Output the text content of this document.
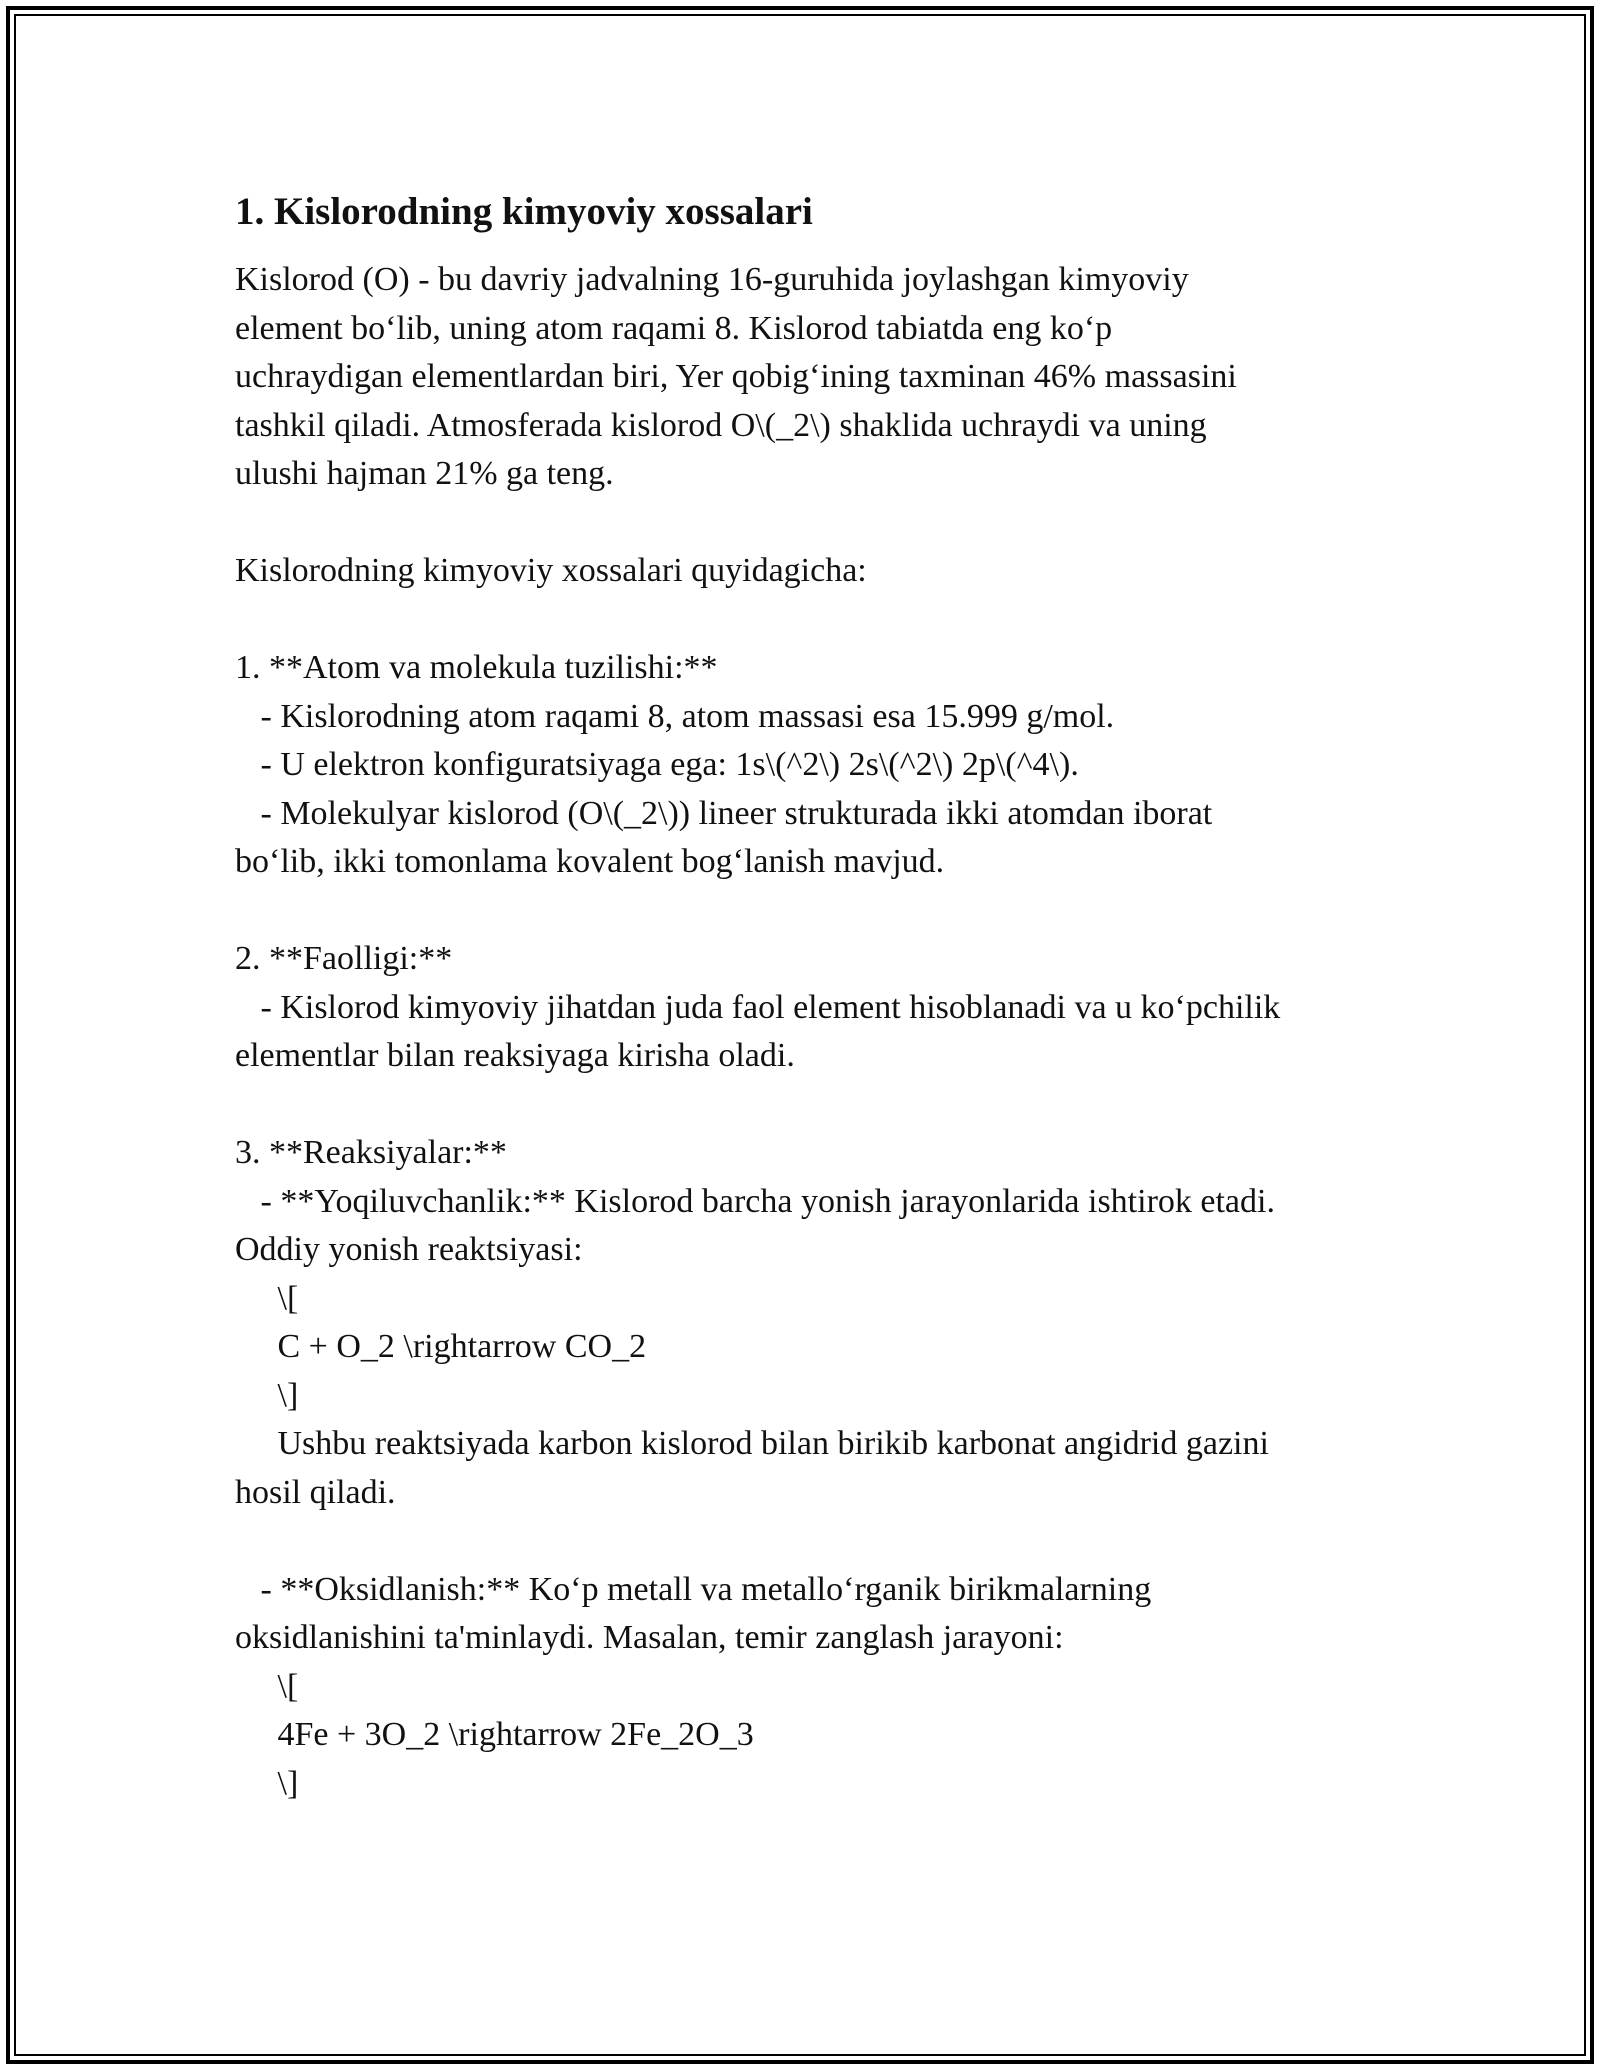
1. Kislorodning kimyoviy xossalari

Kislorod (O) - bu davriy jadvalning 16-guruhida joylashgan kimyoviy
element bo‘lib, uning atom raqami 8. Kislorod tabiatda eng ko‘p
uchraydigan elementlardan biri, Yer qobig‘ining taxminan 46% massasini
tashkil qiladi. Atmosferada kislorod O\(_2\) shaklida uchraydi va uning
ulushi hajman 21% ga teng.

Kislorodning kimyoviy xossalari quyidagicha:

1. **Atom va molekula tuzilishi:**
- Kislorodning atom raqami 8, atom massasi esa 15.999 g/mol.
- U elektron konfiguratsiyaga ega: 1s\(^2\) 2s\(^2\) 2p\(^4\).
- Molekulyar kislorod (O\(_2\)) lineer strukturada ikki atomdan iborat
bo‘lib, ikki tomonlama kovalent bog‘lanish mavjud.

2. **Faolligi:**
- Kislorod kimyoviy jihatdan juda faol element hisoblanadi va u ko‘pchilik
elementlar bilan reaksiyaga kirisha oladi.

3. **Reaksiyalar:**
- **Yoqiluvchanlik:** Kislorod barcha yonish jarayonlarida ishtirok etadi.
Oddiy yonish reaktsiyasi:
\[
C + O_2 \rightarrow CO_2
\]
Ushbu reaktsiyada karbon kislorod bilan birikib karbonat angidrid gazini
hosil qiladi.

- **Oksidlanish:** Ko‘p metall va metallo‘rganik birikmalarning
oksidlanishini ta'minlaydi. Masalan, temir zanglash jarayoni:
\[
4Fe + 3O_2 \rightarrow 2Fe_2O_3
\]
